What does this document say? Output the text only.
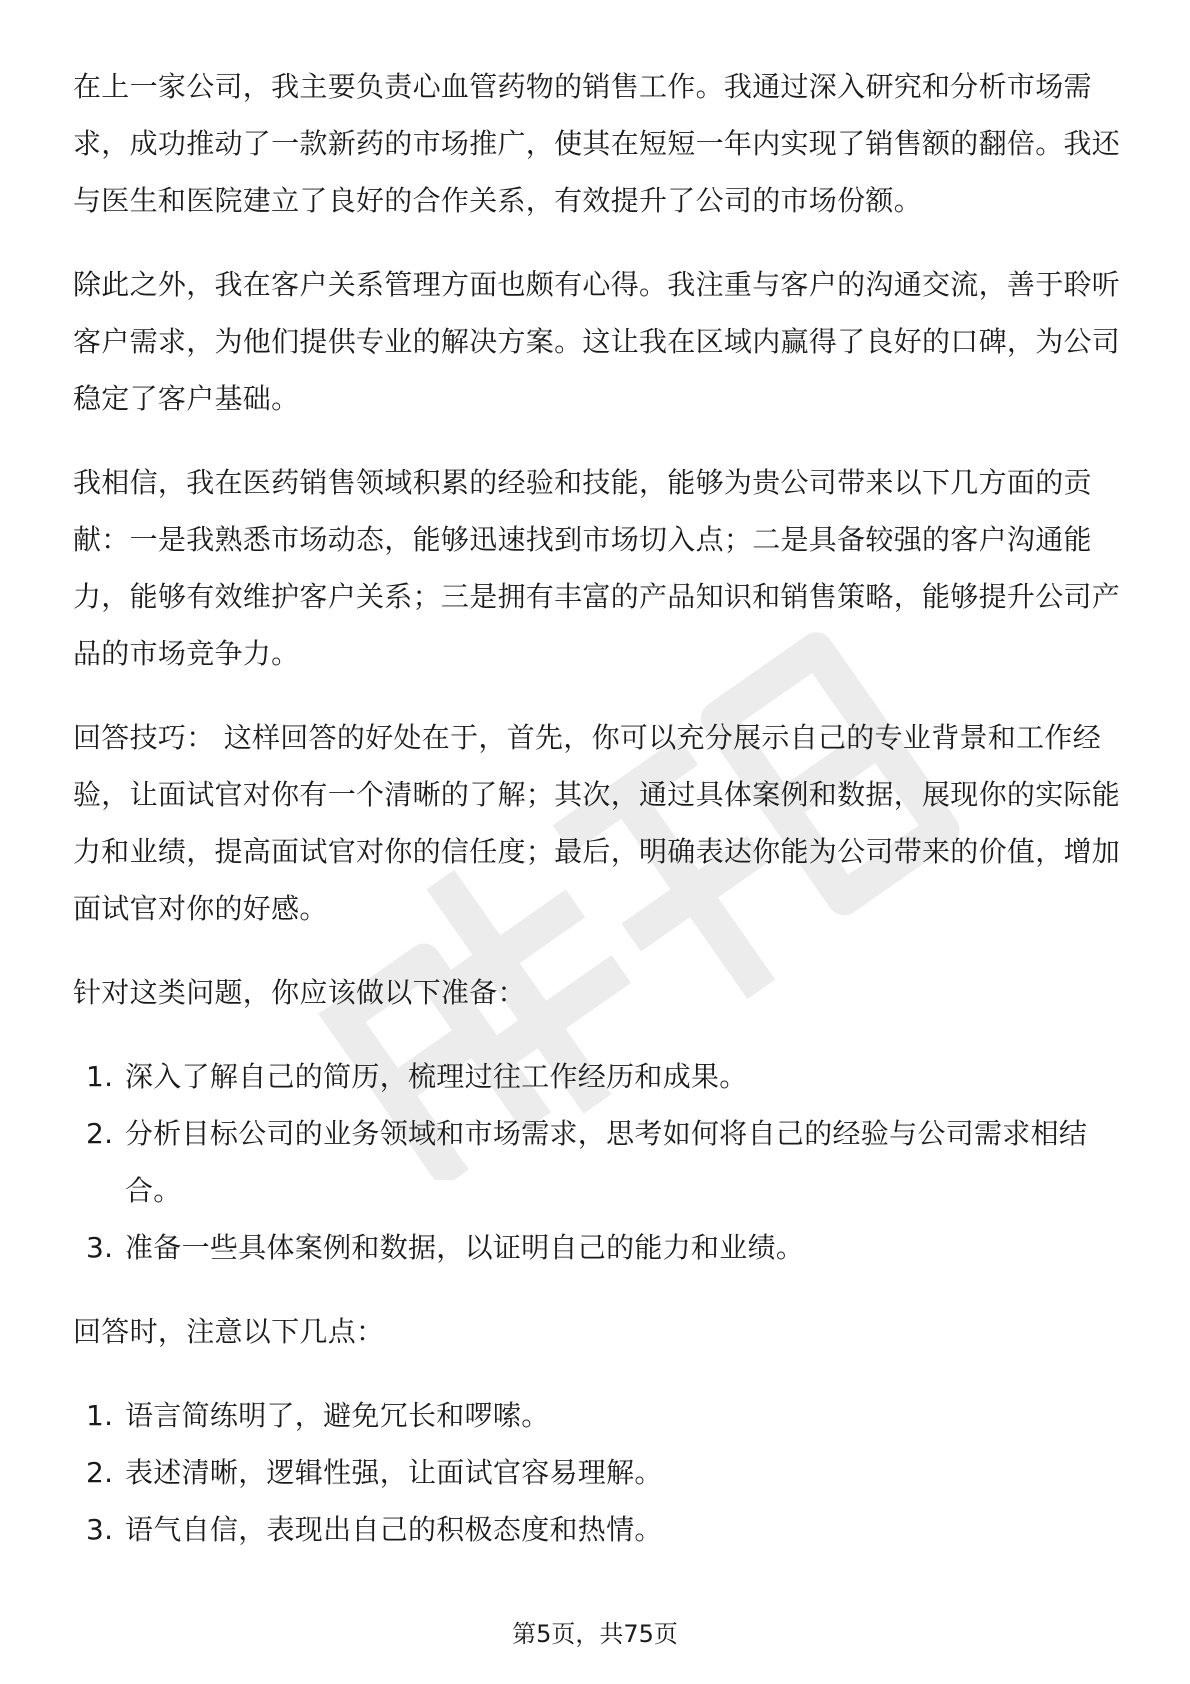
在上一家公司，我主要负责心血管药物的销售工作。我通过深入研究和分析市场需求，成功推动了一款新药的市场推广，使其在短短一年内实现了销售额的翻倍。我还与医生和医院建立了良好的合作关系，有效提升了公司的市场份额。

除此之外，我在客户关系管理方面也颇有心得。我注重与客户的沟通交流，善于聆听客户需求，为他们提供专业的解决方案。这让我在区域内赢得了良好的口碑，为公司稳定了客户基础。

我相信，我在医药销售领域积累的经验和技能，能够为贵公司带来以下几方面的贡献：一是我熟悉市场动态，能够迅速找到市场切入点；二是具备较强的客户沟通能力，能够有效维护客户关系；三是拥有丰富的产品知识和销售策略，能够提升公司产品的市场竞争力。

回答技巧： 这样回答的好处在于，首先，你可以充分展示自己的专业背景和工作经验，让面试官对你有一个清晰的了解；其次，通过具体案例和数据，展现你的实际能力和业绩，提高面试官对你的信任度；最后，明确表达你能为公司带来的价值，增加面试官对你的好感。

针对这类问题，你应该做以下准备：

1. 深入了解自己的简历，梳理过往工作经历和成果。
2. 分析目标公司的业务领域和市场需求，思考如何将自己的经验与公司需求相结合。
3. 准备一些具体案例和数据，以证明自己的能力和业绩。

回答时，注意以下几点：

1. 语言简练明了，避免冗长和啰嗦。
2. 表述清晰，逻辑性强，让面试官容易理解。
3. 语气自信，表现出自己的积极态度和热情。
第5页，共75页
